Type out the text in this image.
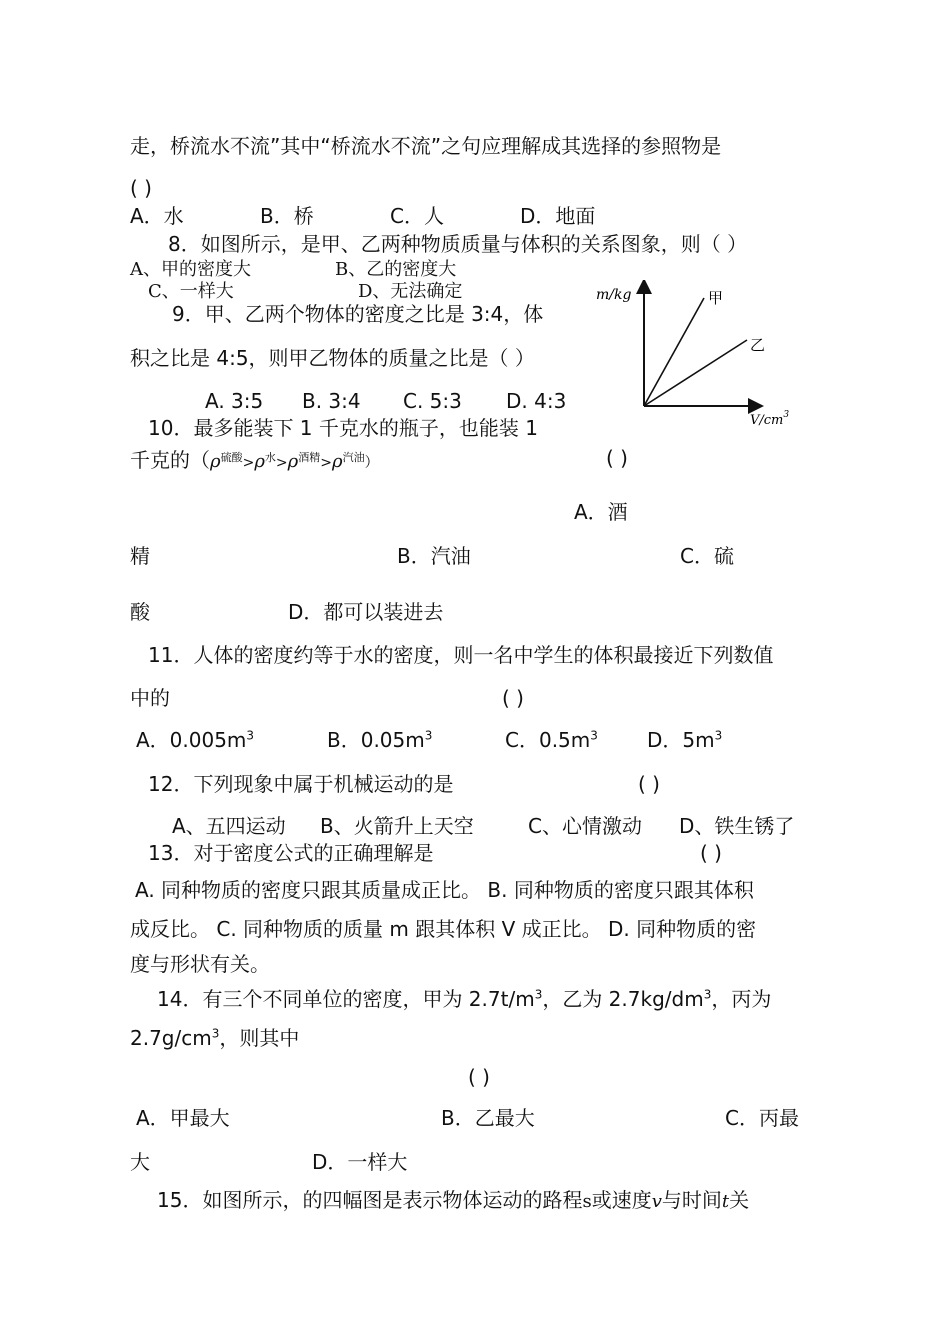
走，桥流水不流”其中“桥流水不流”之句应理解成其选择的参照物是
( )
A．水	B．桥	C．人	D．地面
8．如图所示，是甲、乙两种物质质量与体积的关系图象，则（ ）
A、甲的密度大	B、乙的密度大
C、一样大	D、无法确定
9．甲、乙两个物体的密度之比是 3:4，体
积之比是 4:5，则甲乙物体的质量之比是（ ）
A. 3:5 B. 3:4 C. 5:3 D. 4:3
m/kg	甲
乙
$V/cm^3$
10．最多能装下 1 千克水的瓶子，也能装 1
千克的$(\rho_{硫酸}>\rho_水>\rho_{酒精}>\rho_{汽油})$	( )
A．酒
精	B．汽油	C．硫
酸	D．都可以装进去
11．人体的密度约等于水的密度，则一名中学生的体积最接近下列数值
中的	( )
A．$0.005m^3$	B．$0.05m^3$	C．$0.5m^3$ D．$5m^3$
12．下列现象中属于机械运动的是	( )
A、五四运动 B、火箭升上天空	C、心情激动 D、铁生锈了
13．对于密度公式的正确理解是	( )
A. 同种物质的密度只跟其质量成正比。 B. 同种物质的密度只跟其体积
成反比。 C. 同种物质的质量 m 跟其体积 V 成正比。 D. 同种物质的密
度与形状有关。
14．有三个不同单位的密度，甲为 $2.7t/m^3$，乙为 $2.7kg/dm^3$，丙为
$2.7g/cm^3$，则其中
( )
A．甲最大	B．乙最大	C．丙最
大	D．一样大
15．如图所示，的四幅图是表示物体运动的路程s或速度v与时间t关
